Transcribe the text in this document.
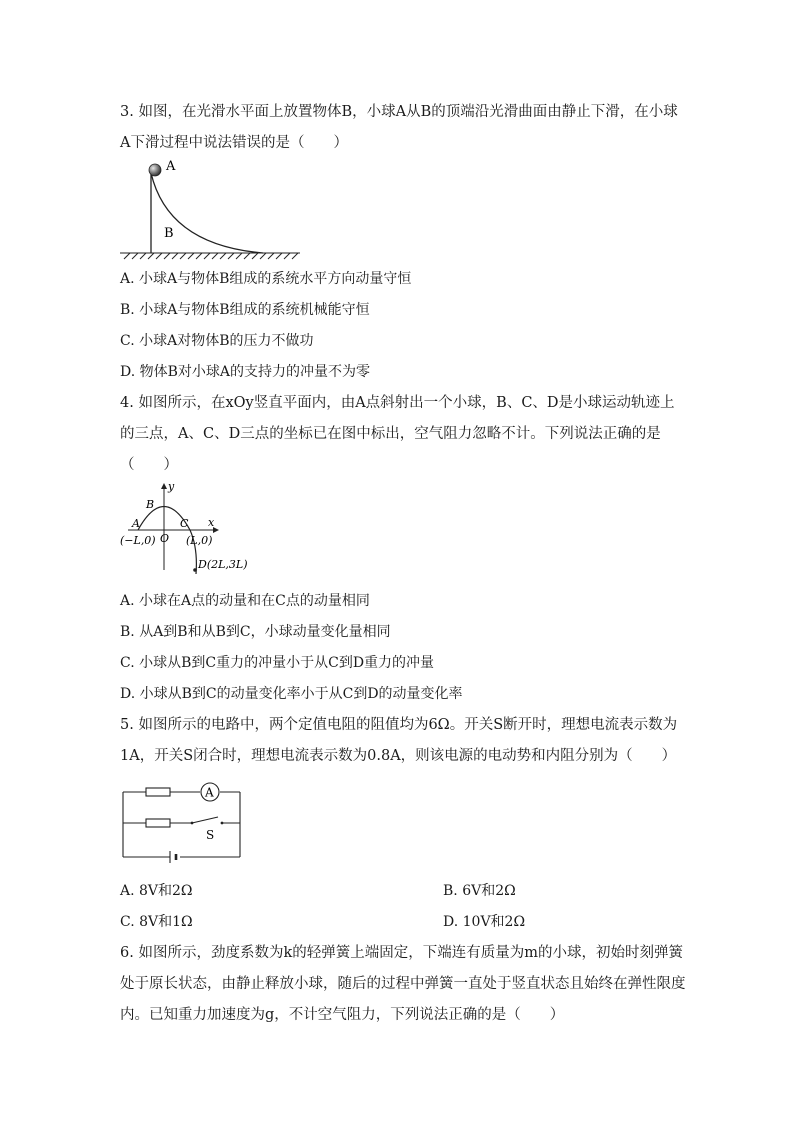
3. 如图，在光滑水平面上放置物体B，小球A从B的顶端沿光滑曲面由静止下滑，在小球
A下滑过程中说法错误的是（　　）
A
B
A. 小球A与物体B组成的系统水平方向动量守恒
B. 小球A与物体B组成的系统机械能守恒
C. 小球A对物体B的压力不做功
D. 物体B对小球A的支持力的冲量不为零
4. 如图所示，在xOy竖直平面内，由A点斜射出一个小球，B、C、D是小球运动轨迹上
的三点，A、C、D三点的坐标已在图中标出，空气阻力忽略不计。下列说法正确的是
（　　）
y
x
O
A
B
C
(−L,0)	(L,0)
D(2L,3L)
A. 小球在A点的动量和在C点的动量相同
B. 从A到B和从B到C，小球动量变化量相同
C. 小球从B到C重力的冲量小于从C到D重力的冲量
D. 小球从B到C的动量变化率小于从C到D的动量变化率
5. 如图所示的电路中，两个定值电阻的阻值均为6Ω。开关S断开时，理想电流表示数为
1A，开关S闭合时，理想电流表示数为0.8A，则该电源的电动势和内阻分别为（　　）
A
S
A. 8V和2Ω	B. 6V和2Ω
C. 8V和1Ω	D. 10V和2Ω
6. 如图所示，劲度系数为k的轻弹簧上端固定，下端连有质量为m的小球，初始时刻弹簧
处于原长状态，由静止释放小球，随后的过程中弹簧一直处于竖直状态且始终在弹性限度
内。已知重力加速度为g，不计空气阻力，下列说法正确的是（　　）
